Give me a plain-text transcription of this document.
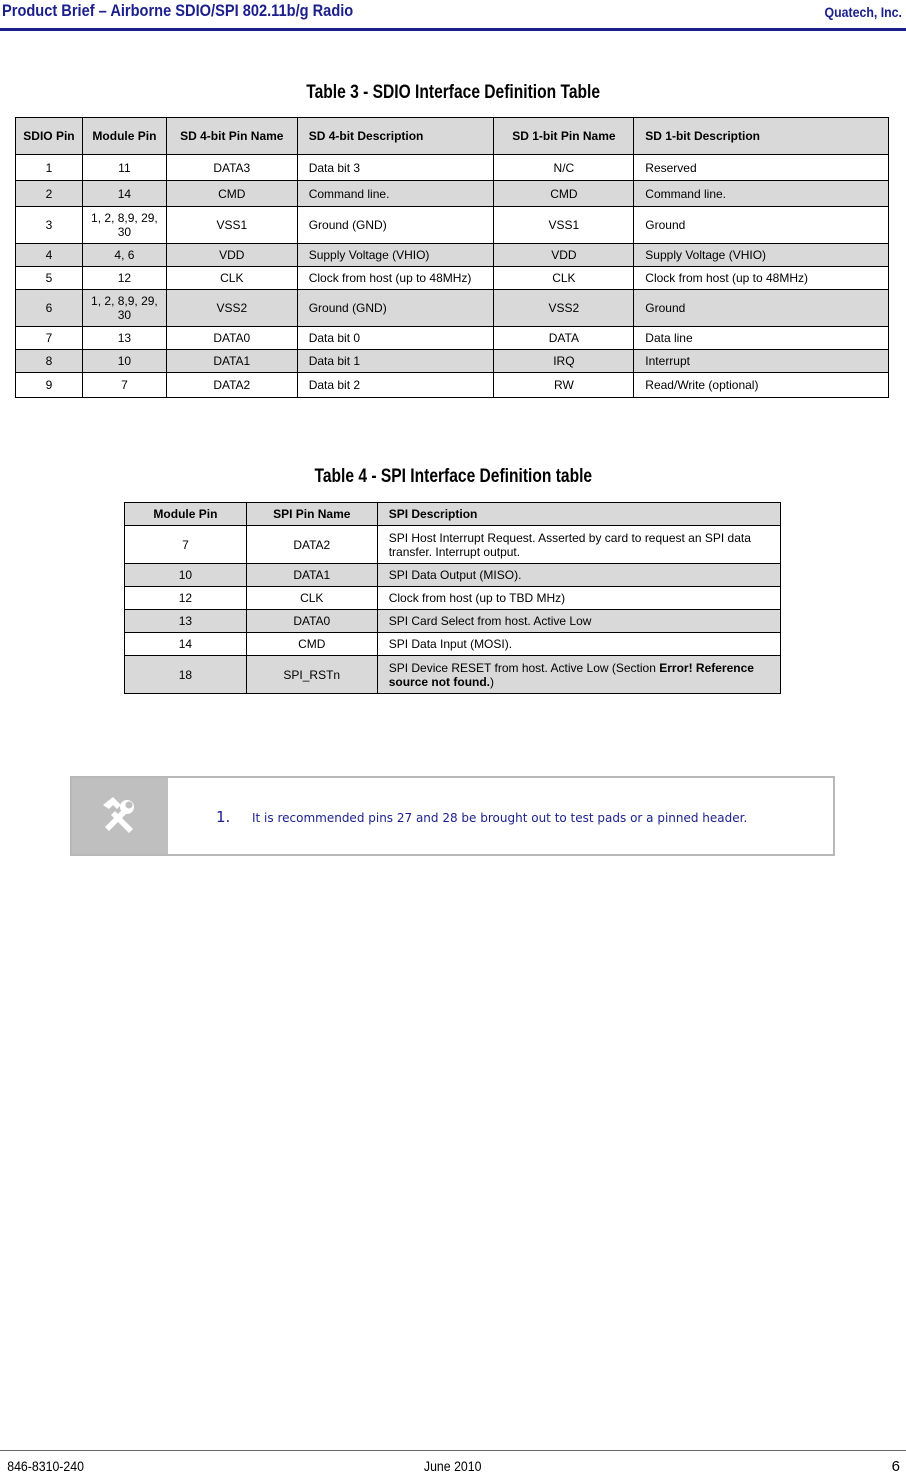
Product Brief – Airborne SDIO/SPI 802.11b/g Radio	Quatech, Inc.
Table 3 - SDIO Interface Definition Table
SDIO Pin	Module Pin	SD 4-bit Pin Name	SD 4-bit Description	SD 1-bit Pin Name	SD 1-bit Description
1	11	DATA3	Data bit 3	N/C	Reserved
2	14	CMD	Command line.	CMD	Command line.
3	1, 2, 8,9, 29, 30	VSS1	Ground (GND)	VSS1	Ground
4	4, 6	VDD	Supply Voltage (VHIO)	VDD	Supply Voltage (VHIO)
5	12	CLK	Clock from host (up to 48MHz)	CLK	Clock from host (up to 48MHz)
6	1, 2, 8,9, 29, 30	VSS2	Ground (GND)	VSS2	Ground
7	13	DATA0	Data bit 0	DATA	Data line
8	10	DATA1	Data bit 1	IRQ	Interrupt
9	7	DATA2	Data bit 2	RW	Read/Write (optional)
Table 4 - SPI Interface Definition table
Module Pin	SPI Pin Name	SPI Description
7	DATA2	SPI Host Interrupt Request. Asserted by card to request an SPI data transfer. Interrupt output.
10	DATA1	SPI Data Output (MISO).
12	CLK	Clock from host (up to TBD MHz)
13	DATA0	SPI Card Select from host. Active Low
14	CMD	SPI Data Input (MOSI).
18	SPI_RSTn	SPI Device RESET from host. Active Low (Section Error! Reference source not found.)
1. It is recommended pins 27 and 28 be brought out to test pads or a pinned header.
846-8310-240	June 2010	6
